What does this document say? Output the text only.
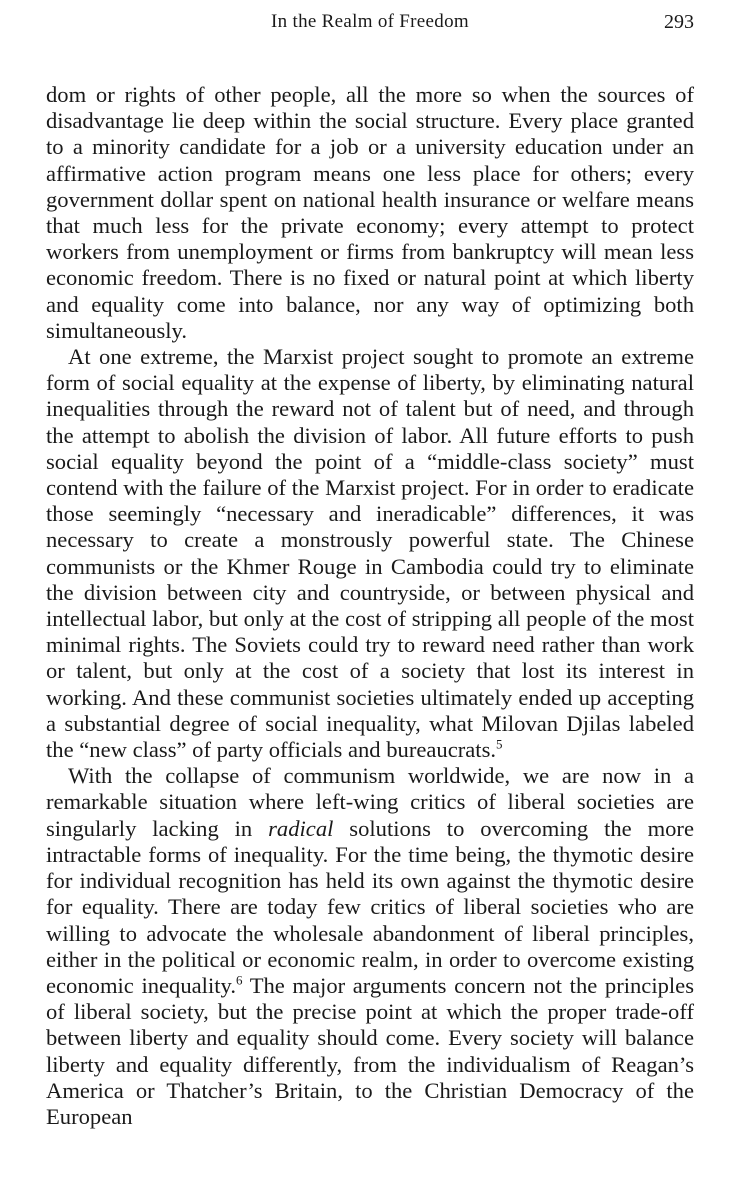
In the Realm of Freedom	293

dom or rights of other people, all the more so when the sources of disadvantage lie deep within the social structure. Every place granted to a minority candidate for a job or a university education under an affirmative action program means one less place for others; every government dollar spent on national health insurance or welfare means that much less for the private economy; every attempt to protect workers from unemployment or firms from bankruptcy will mean less economic freedom. There is no fixed or natural point at which liberty and equality come into balance, nor any way of optimizing both simultaneously.

At one extreme, the Marxist project sought to promote an extreme form of social equality at the expense of liberty, by eliminating natural inequalities through the reward not of talent but of need, and through the attempt to abolish the division of labor. All future efforts to push social equality beyond the point of a “middle-class society” must contend with the failure of the Marxist project. For in order to eradicate those seemingly “necessary and ineradicable” differences, it was necessary to create a monstrously powerful state. The Chinese communists or the Khmer Rouge in Cambodia could try to eliminate the division between city and countryside, or between physical and intellectual labor, but only at the cost of stripping all people of the most minimal rights. The Soviets could try to reward need rather than work or talent, but only at the cost of a society that lost its interest in working. And these communist societies ultimately ended up accepting a substantial degree of social inequality, what Milovan Djilas labeled the “new class” of party officials and bureaucrats.$^5$

With the collapse of communism worldwide, we are now in a remarkable situation where left-wing critics of liberal societies are singularly lacking in radical solutions to overcoming the more intractable forms of inequality. For the time being, the thymotic desire for individual recognition has held its own against the thymotic desire for equality. There are today few critics of liberal societies who are willing to advocate the wholesale abandonment of liberal principles, either in the political or economic realm, in order to overcome existing economic inequality.$^6$ The major arguments concern not the principles of liberal society, but the precise point at which the proper trade-off between liberty and equality should come. Every society will balance liberty and equality differently, from the individualism of Reagan’s America or Thatcher’s Britain, to the Christian Democracy of the European
